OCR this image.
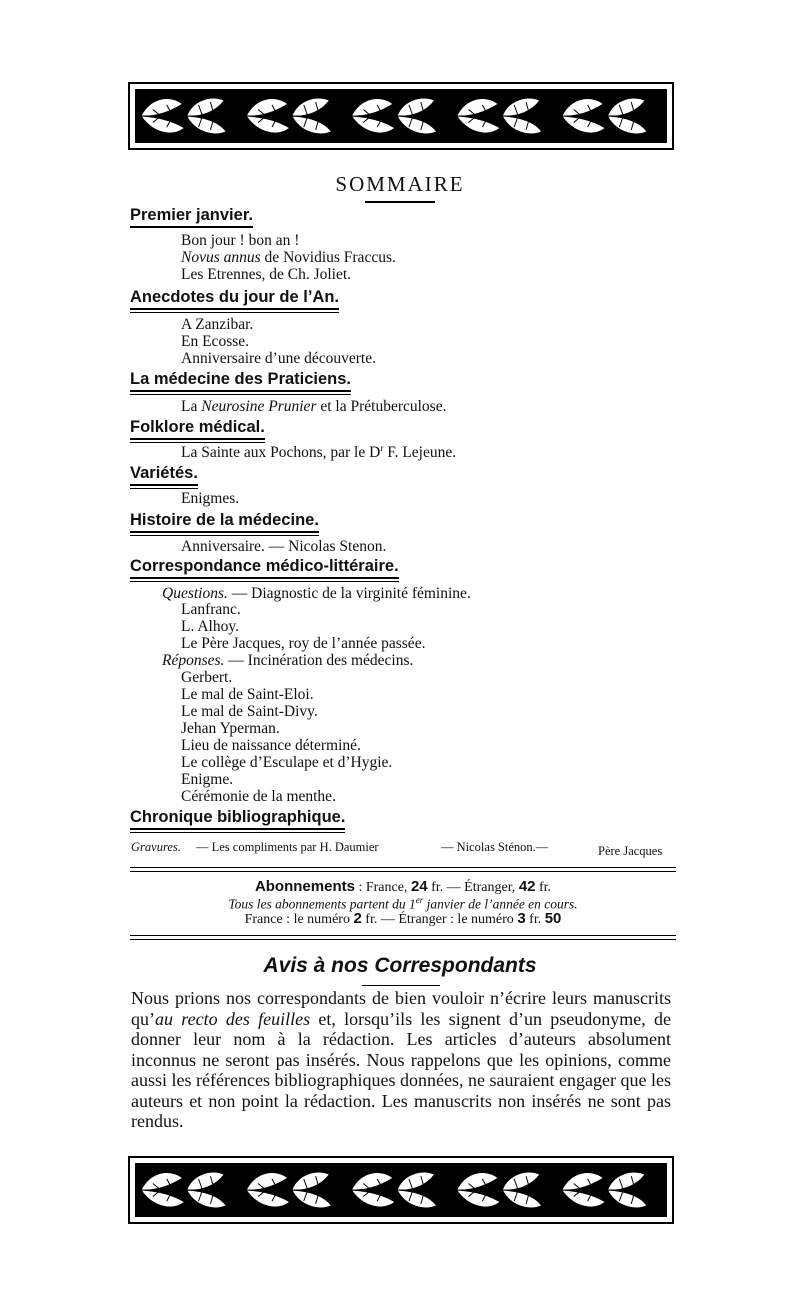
SOMMAIRE
Premier janvier.
Bon jour ! bon an !
Novus annus de Novidius Fraccus.
Les Etrennes, de Ch. Joliet.
Anecdotes du jour de l’An.
A Zanzibar.
En Ecosse.
Anniversaire d’une découverte.
La médecine des Praticiens.
La Neurosine Prunier et la Prétuberculose.
Folklore médical.
La Sainte aux Pochons, par le $D^r$ F. Lejeune.
Variétés.
Enigmes.
Histoire de la médecine.
Anniversaire. — Nicolas Stenon.
Correspondance médico-littéraire.
Questions. — Diagnostic de la virginité féminine.
Lanfranc.
L. Alhoy.
Le Père Jacques, roy de l’année passée.
Réponses. — Incinération des médecins.
Gerbert.
Le mal de Saint-Eloi.
Le mal de Saint-Divy.
Jehan Yperman.
Lieu de naissance déterminé.
Le collège d’Esculape et d’Hygie.
Enigme.
Cérémonie de la menthe.
Chronique bibliographique.
Gravures. — Les compliments par H. Daumier	— Nicolas Sténon.—	Père Jacques
Abonnements : France, 24 fr. — Étranger, 42 fr.
Tous les abonnements partent du 1er janvier de l’année en cours.
France : le numéro 2 fr. — Étranger : le numéro 3 fr. 50
Avis à nos Correspondants
Nous prions nos correspondants de bien vouloir n’écrire leurs manuscrits qu’au recto des feuilles et, lorsqu’ils les signent d’un pseudonyme, de donner leur nom à la rédaction. Les articles d’auteurs absolument inconnus ne seront pas insérés. Nous rappelons que les opinions, comme aussi les références bibliographiques données, ne sauraient engager que les auteurs et non point la rédaction. Les manuscrits non insérés ne sont pas rendus.
